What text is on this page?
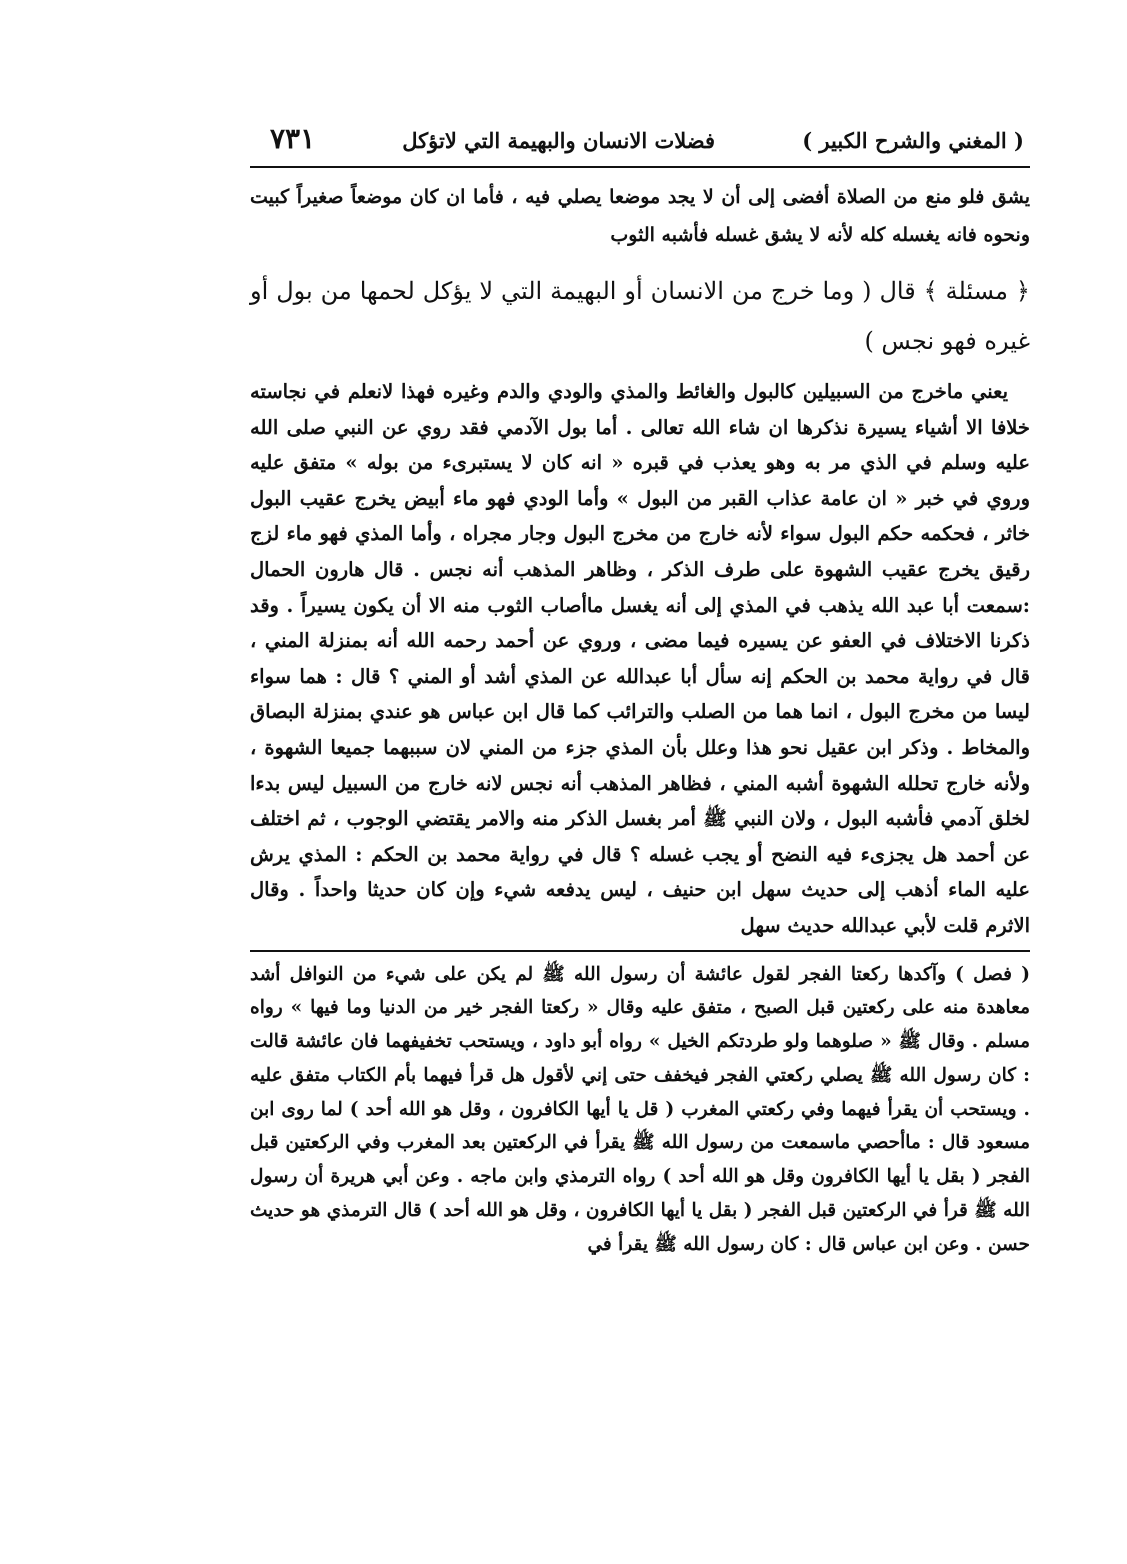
( المغني والشرح الكبير )
فضلات الانسان والبهيمة التي لاتؤكل
٧٣١

يشق فلو منع من الصلاة أفضى إلى أن لا يجد موضعا يصلي فيه ، فأما ان كان موضعاً صغيراً كبيت ونحوه فانه يغسله كله لأنه لا يشق غسله فأشبه الثوب

﴿ مسئلة ﴾ قال ( وما خرج من الانسان أو البهيمة التي لا يؤكل لحمها من بول أو غيره فهو نجس )

يعني ماخرج من السبيلين كالبول والغائط والمذي والودي والدم وغيره فهذا لانعلم في نجاسته خلافا الا أشياء يسيرة نذكرها ان شاء الله تعالى . أما بول الآدمي فقد روي عن النبي صلى الله عليه وسلم في الذي مر به وهو يعذب في قبره « انه كان لا يستبرىء من بوله » متفق عليه وروي في خبر « ان عامة عذاب القبر من البول » وأما الودي فهو ماء أبيض يخرج عقيب البول خاثر ، فحكمه حكم البول سواء لأنه خارج من مخرج البول وجار مجراه ، وأما المذي فهو ماء لزج رقيق يخرج عقيب الشهوة على طرف الذكر ، وظاهر المذهب أنه نجس . قال هارون الحمال :سمعت أبا عبد الله يذهب في المذي إلى أنه يغسل ماأصاب الثوب منه الا أن يكون يسيراً . وقد ذكرنا الاختلاف في العفو عن يسيره فيما مضى ، وروي عن أحمد رحمه الله أنه بمنزلة المني ، قال في رواية محمد بن الحكم إنه سأل أبا عبدالله عن المذي أشد أو المني ؟ قال : هما سواء ليسا من مخرج البول ، انما هما من الصلب والترائب كما قال ابن عباس هو عندي بمنزلة البصاق والمخاط . وذكر ابن عقيل نحو هذا وعلل بأن المذي جزء من المني لان سببهما جميعا الشهوة ، ولأنه خارج تحلله الشهوة أشبه المني ، فظاهر المذهب أنه نجس لانه خارج من السبيل ليس بدءا لخلق آدمي فأشبه البول ، ولان النبي ﷺ أمر بغسل الذكر منه والامر يقتضي الوجوب ، ثم اختلف عن أحمد هل يجزىء فيه النضح أو يجب غسله ؟ قال في رواية محمد بن الحكم : المذي يرش عليه الماء أذهب إلى حديث سهل ابن حنيف ، ليس يدفعه شيء وإن كان حديثا واحداً . وقال الاثرم قلت لأبي عبدالله حديث سهل

( فصل ) وآكدها ركعتا الفجر لقول عائشة أن رسول الله ﷺ لم يكن على شيء من النوافل أشد معاهدة منه على ركعتين قبل الصبح ، متفق عليه وقال « ركعتا الفجر خير من الدنيا وما فيها » رواه مسلم . وقال ﷺ « صلوهما ولو طردتكم الخيل » رواه أبو داود ، ويستحب تخفيفهما فان عائشة قالت : كان رسول الله ﷺ يصلي ركعتي الفجر فيخفف حتى إني لأقول هل قرأ فيهما بأم الكتاب متفق عليه . ويستحب أن يقرأ فيهما وفي ركعتي المغرب ( قل يا أيها الكافرون ، وقل هو الله أحد ) لما روى ابن مسعود قال : ماأحصي ماسمعت من رسول الله ﷺ يقرأ في الركعتين بعد المغرب وفي الركعتين قبل الفجر ( بقل يا أيها الكافرون وقل هو الله أحد ) رواه الترمذي وابن ماجه . وعن أبي هريرة أن رسول الله ﷺ قرأ في الركعتين قبل الفجر ( بقل يا أيها الكافرون ، وقل هو الله أحد ) قال الترمذي هو حديث حسن . وعن ابن عباس قال : كان رسول الله ﷺ يقرأ في
